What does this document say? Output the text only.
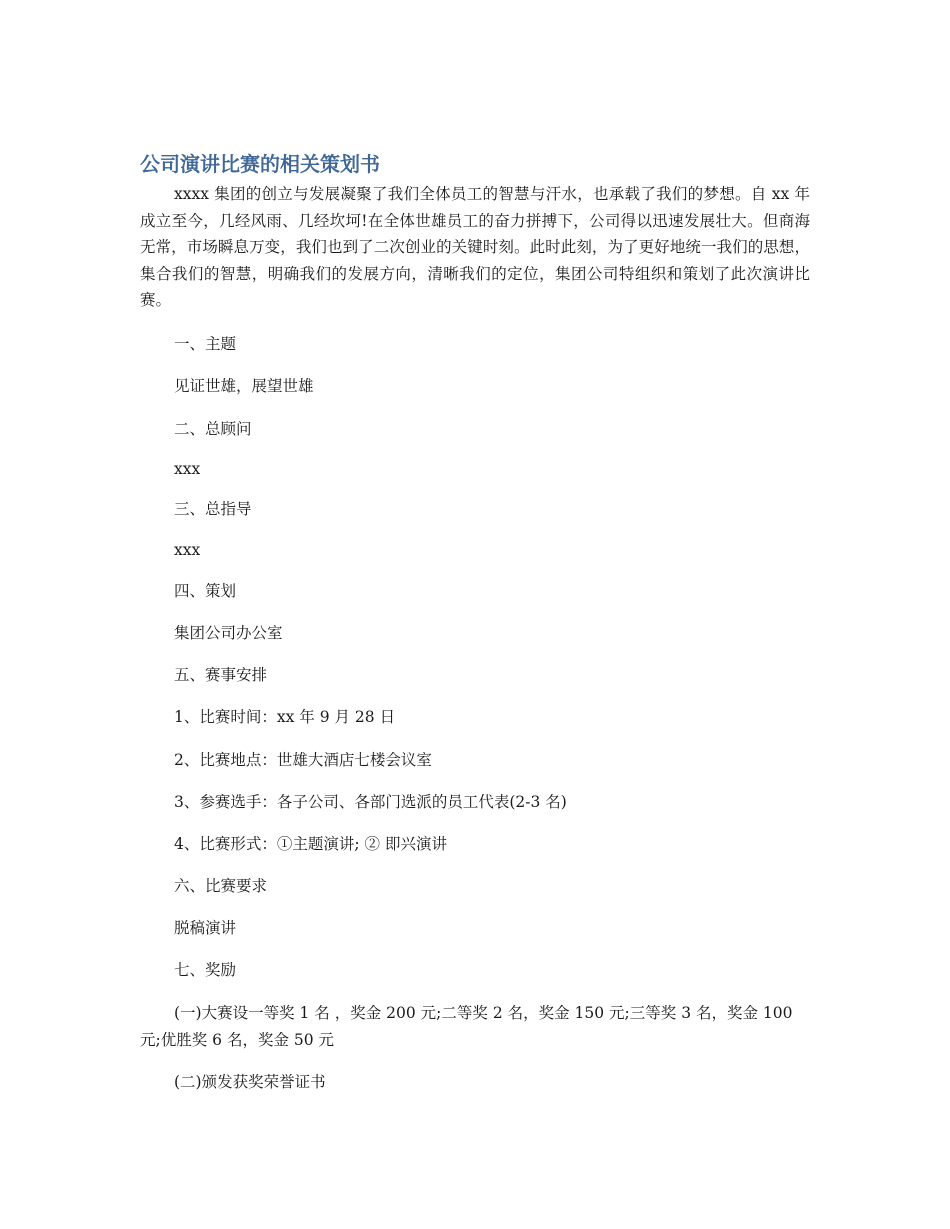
公司演讲比赛的相关策划书

xxxx 集团的创立与发展凝聚了我们全体员工的智慧与汗水，也承载了我们的梦想。自 xx 年成立至今，几经风雨、几经坎坷!在全体世雄员工的奋力拼搏下，公司得以迅速发展壮大。但商海无常，市场瞬息万变，我们也到了二次创业的关键时刻。此时此刻，为了更好地统一我们的思想，集合我们的智慧，明确我们的发展方向，清晰我们的定位，集团公司特组织和策划了此次演讲比赛。

一、主题

见证世雄，展望世雄

二、总顾问

xxx

三、总指导

xxx

四、策划

集团公司办公室

五、赛事安排

1、比赛时间：xx 年 9 月 28 日

2、比赛地点：世雄大酒店七楼会议室

3、参赛选手：各子公司、各部门选派的员工代表(2-3 名)

4、比赛形式：①主题演讲; ② 即兴演讲

六、比赛要求

脱稿演讲

七、奖励

(一)大赛设一等奖 1 名 ，奖金 200 元;二等奖 2 名，奖金 150 元;三等奖 3 名，奖金 100 元;优胜奖 6 名，奖金 50 元

(二)颁发获奖荣誉证书
